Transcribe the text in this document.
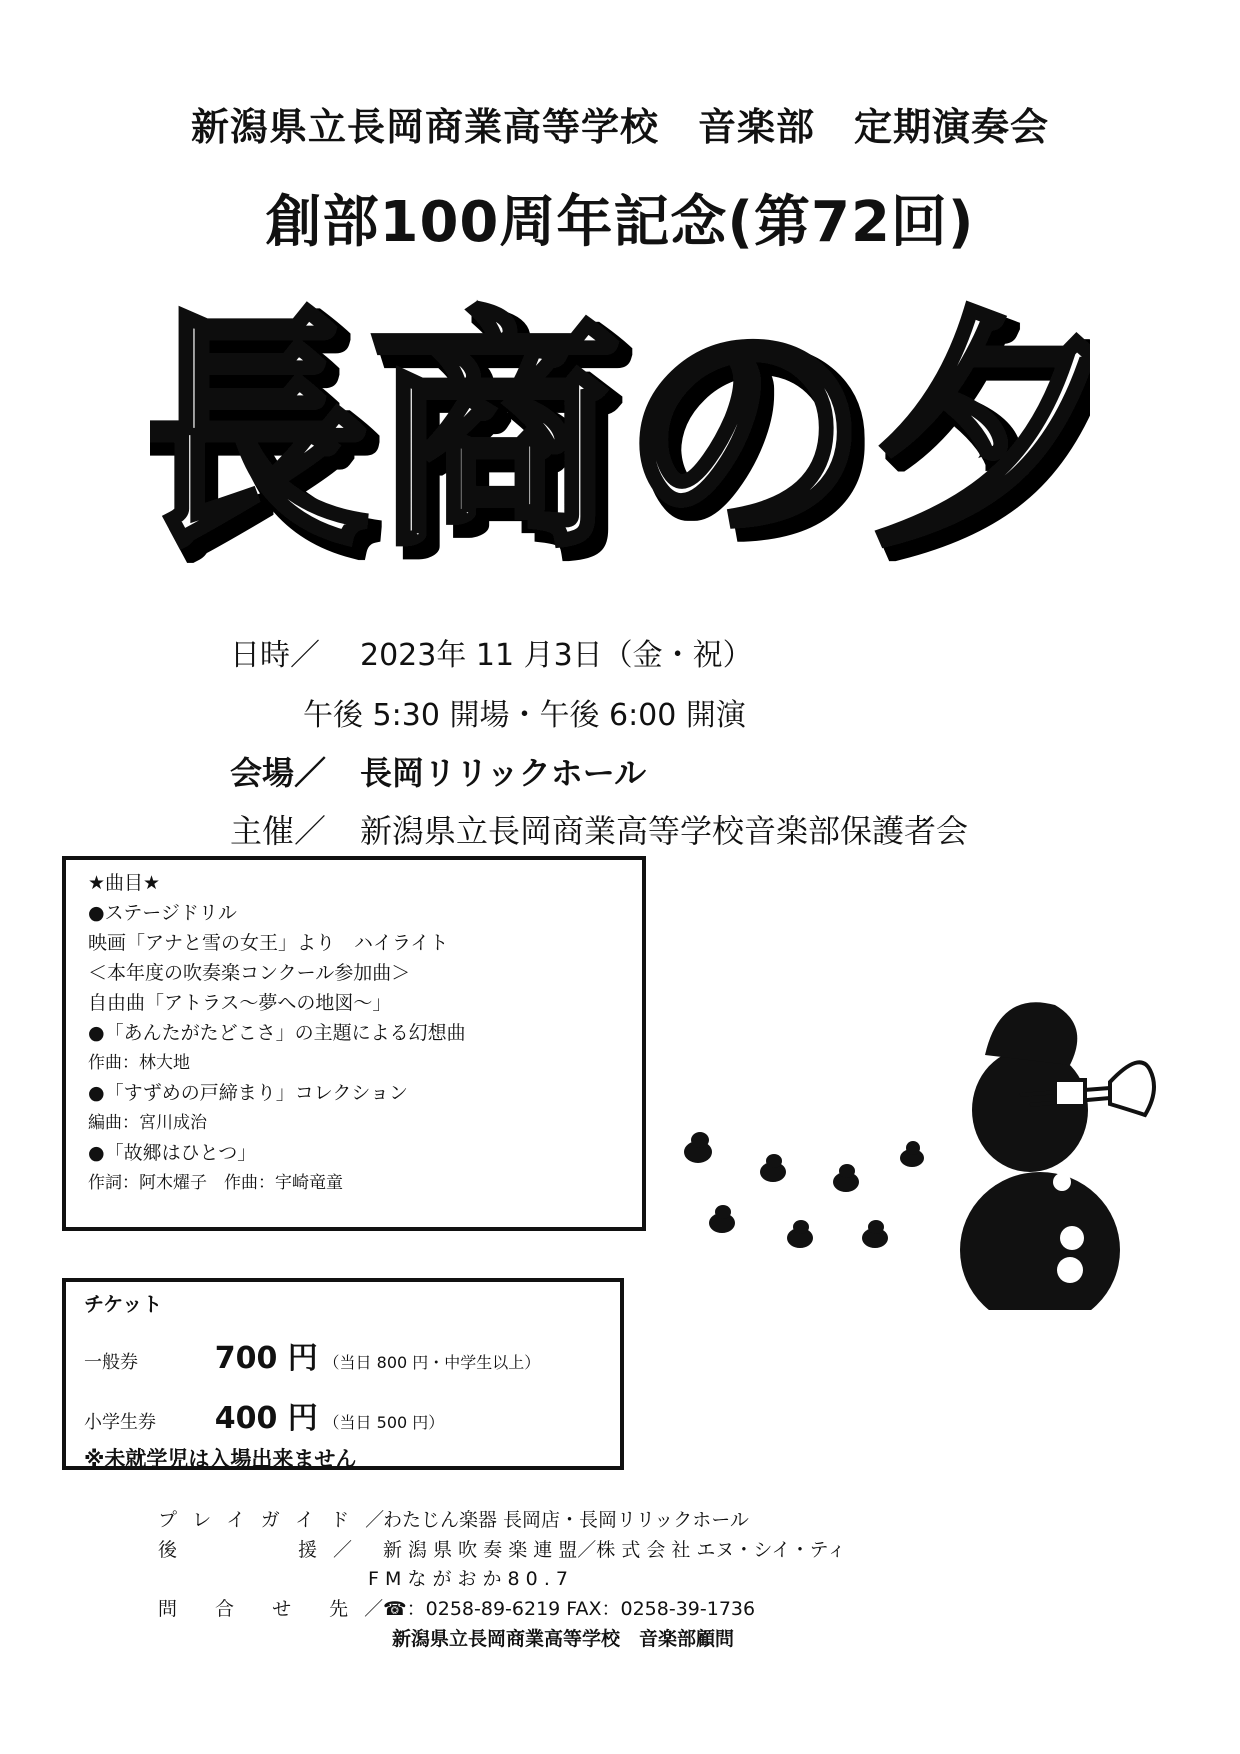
新潟県立長岡商業高等学校　音楽部　定期演奏会
創部100周年記念(第72回)
長商の夕
日時／ 2023年 11 月3日（金・祝）
午後 5:30 開場・午後 6:00 開演
会場／ 長岡リリックホール
主催／ 新潟県立長岡商業高等学校音楽部保護者会
★曲目★
●ステージドリル
映画「アナと雪の女王」より　ハイライト
＜本年度の吹奏楽コンクール参加曲＞
自由曲「アトラス～夢への地図～」
●「あんたがたどこさ」の主題による幻想曲
作曲：林大地
●「すずめの戸締まり」コレクション
編曲：宮川成治
●「故郷はひとつ」
作詞：阿木燿子　作曲：宇崎竜童
チケット
一般券	700 円 （当日 800 円・中学生以上）
小学生券 400 円 （当日 500 円）
※未就学児は入場出来ません
プレイガイド／わたじん楽器 長岡店・長岡リリックホール
後　　　援／ 新 潟 県 吹 奏 楽 連 盟／株 式 会 社 エヌ・シイ・ティ
F M な が お か 8 0 . 7
問 合 せ 先／☎：0258-89-6219 FAX：0258-39-1736
新潟県立長岡商業高等学校　音楽部顧問
